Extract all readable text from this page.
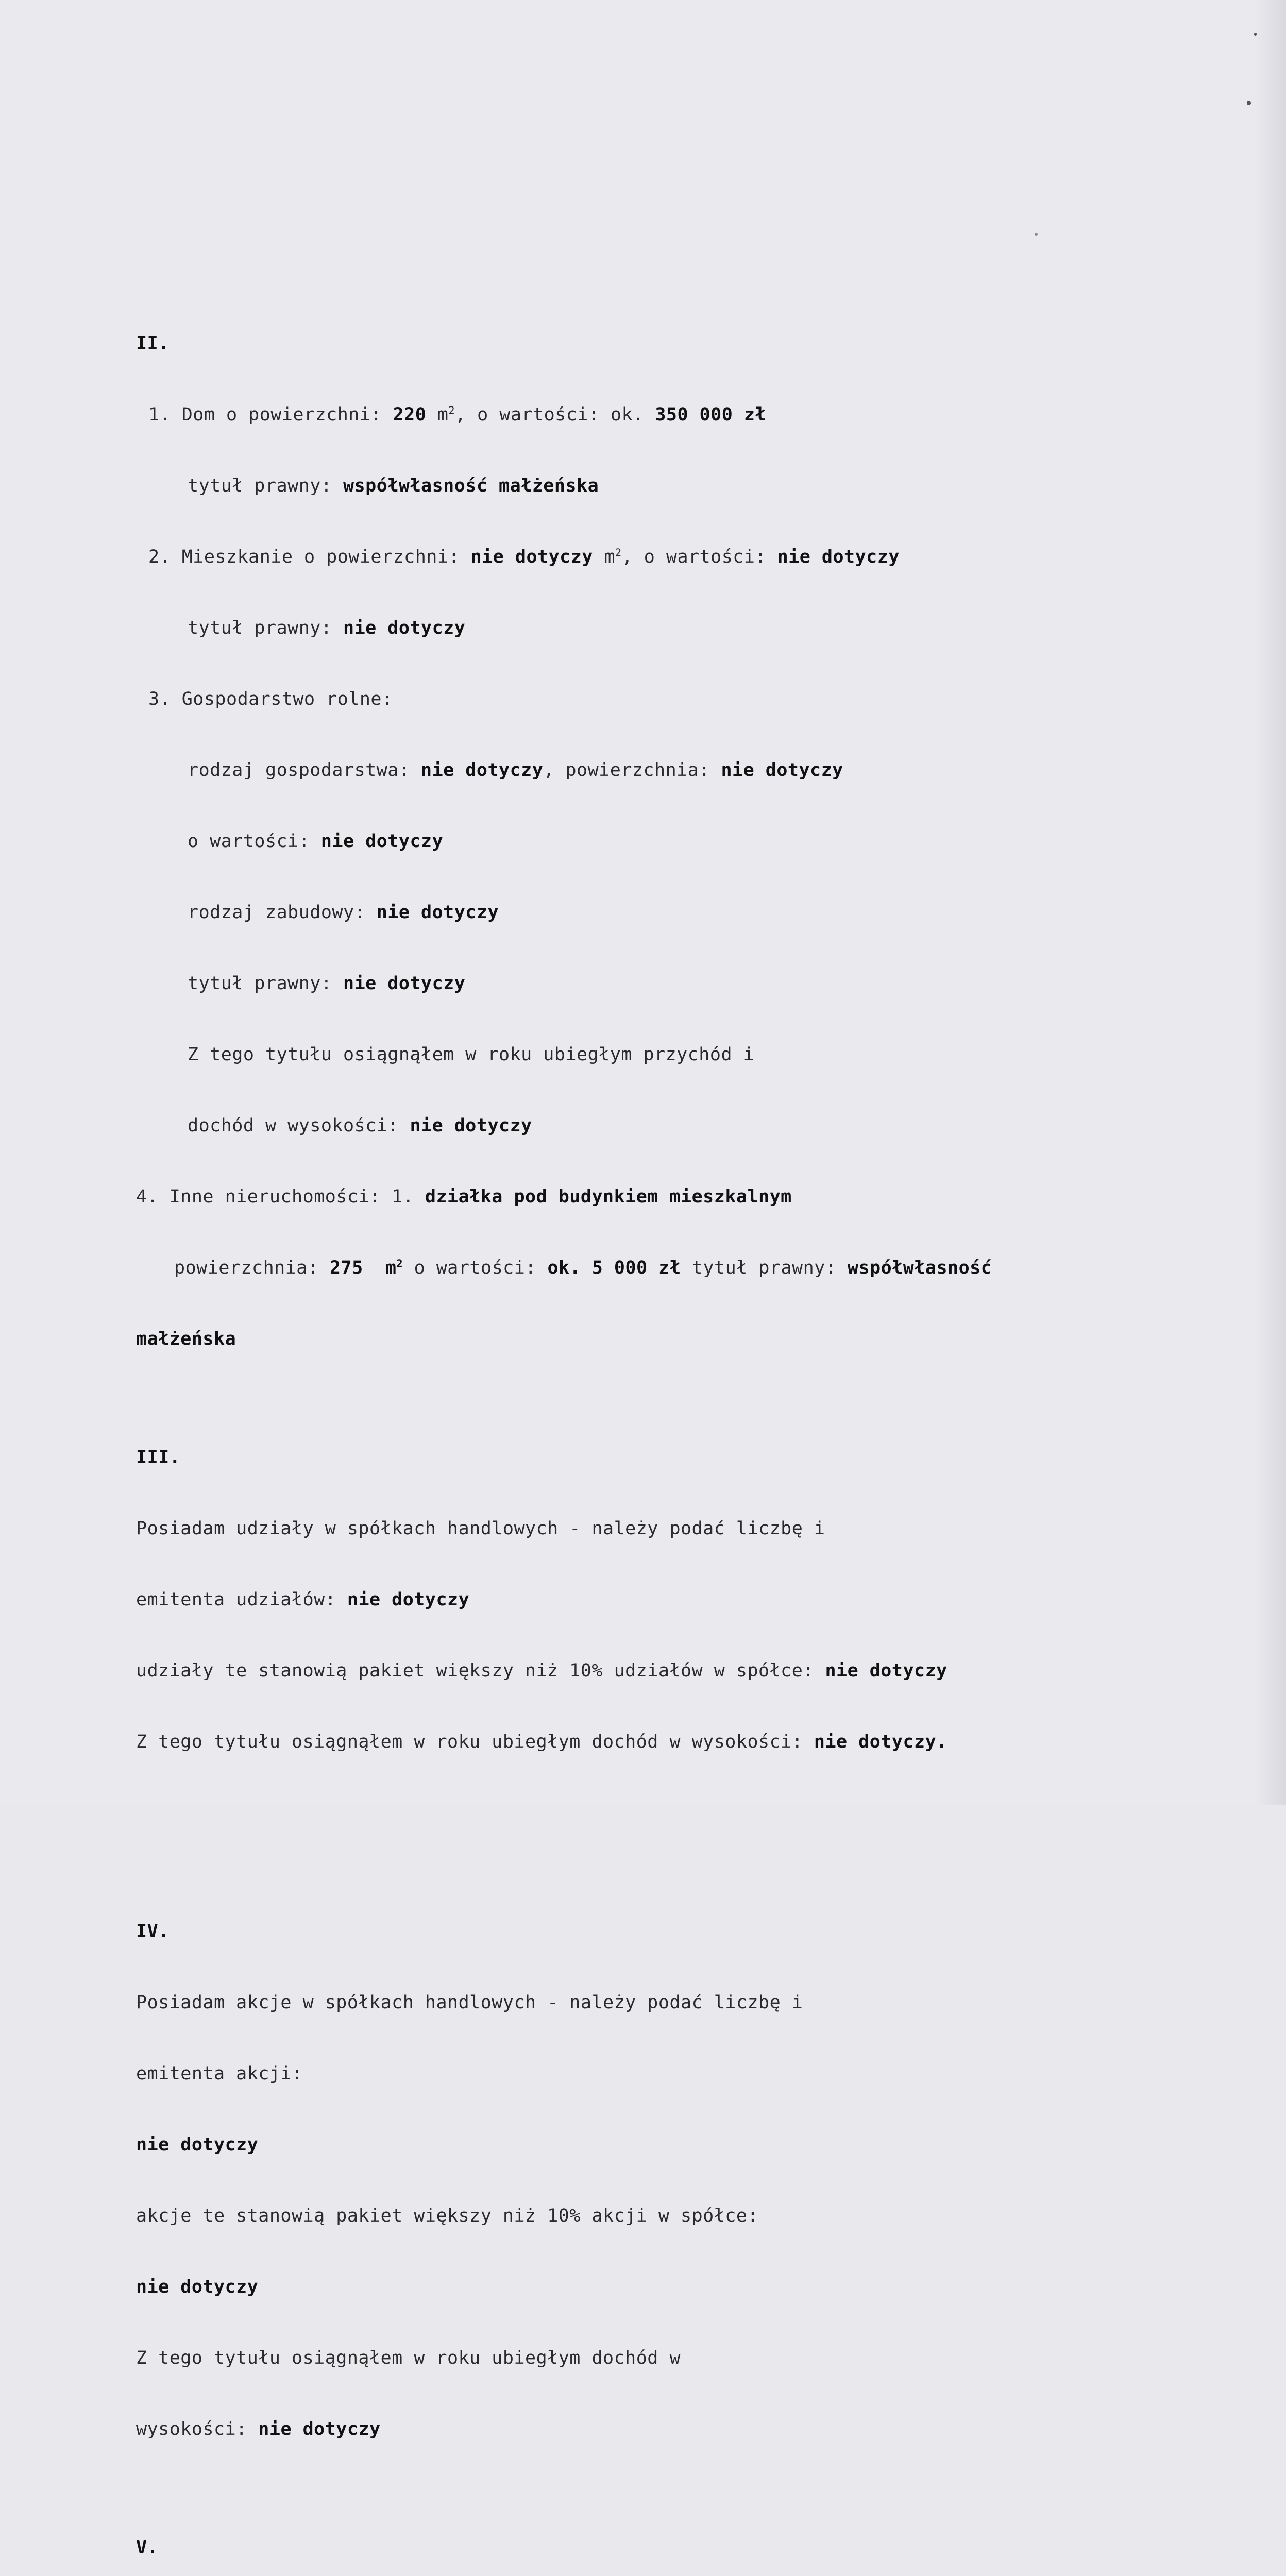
II.

1. Dom o powierzchni: 220 $m^2$, o wartości: ok. 350 000 zł

tytuł prawny: współwłasność małżeńska

2. Mieszkanie o powierzchni: nie dotyczy $m^2$, o wartości: nie dotyczy

tytuł prawny: nie dotyczy

3. Gospodarstwo rolne:

rodzaj gospodarstwa: nie dotyczy, powierzchnia: nie dotyczy

o wartości: nie dotyczy

rodzaj zabudowy: nie dotyczy

tytuł prawny: nie dotyczy

Z tego tytułu osiągnąłem w roku ubiegłym przychód i

dochód w wysokości: nie dotyczy

4. Inne nieruchomości: 1. działka pod budynkiem mieszkalnym

powierzchnia: 275  $m^2$ o wartości: ok. 5 000 zł tytuł prawny: współwłasność

małżeńska

III.

Posiadam udziały w spółkach handlowych - należy podać liczbę i

emitenta udziałów: nie dotyczy

udziały te stanowią pakiet większy niż 10% udziałów w spółce: nie dotyczy

Z tego tytułu osiągnąłem w roku ubiegłym dochód w wysokości: nie dotyczy.

IV.

Posiadam akcje w spółkach handlowych - należy podać liczbę i

emitenta akcji:

nie dotyczy

akcje te stanowią pakiet większy niż 10% akcji w spółce:

nie dotyczy

Z tego tytułu osiągnąłem w roku ubiegłym dochód w

wysokości: nie dotyczy

V.
